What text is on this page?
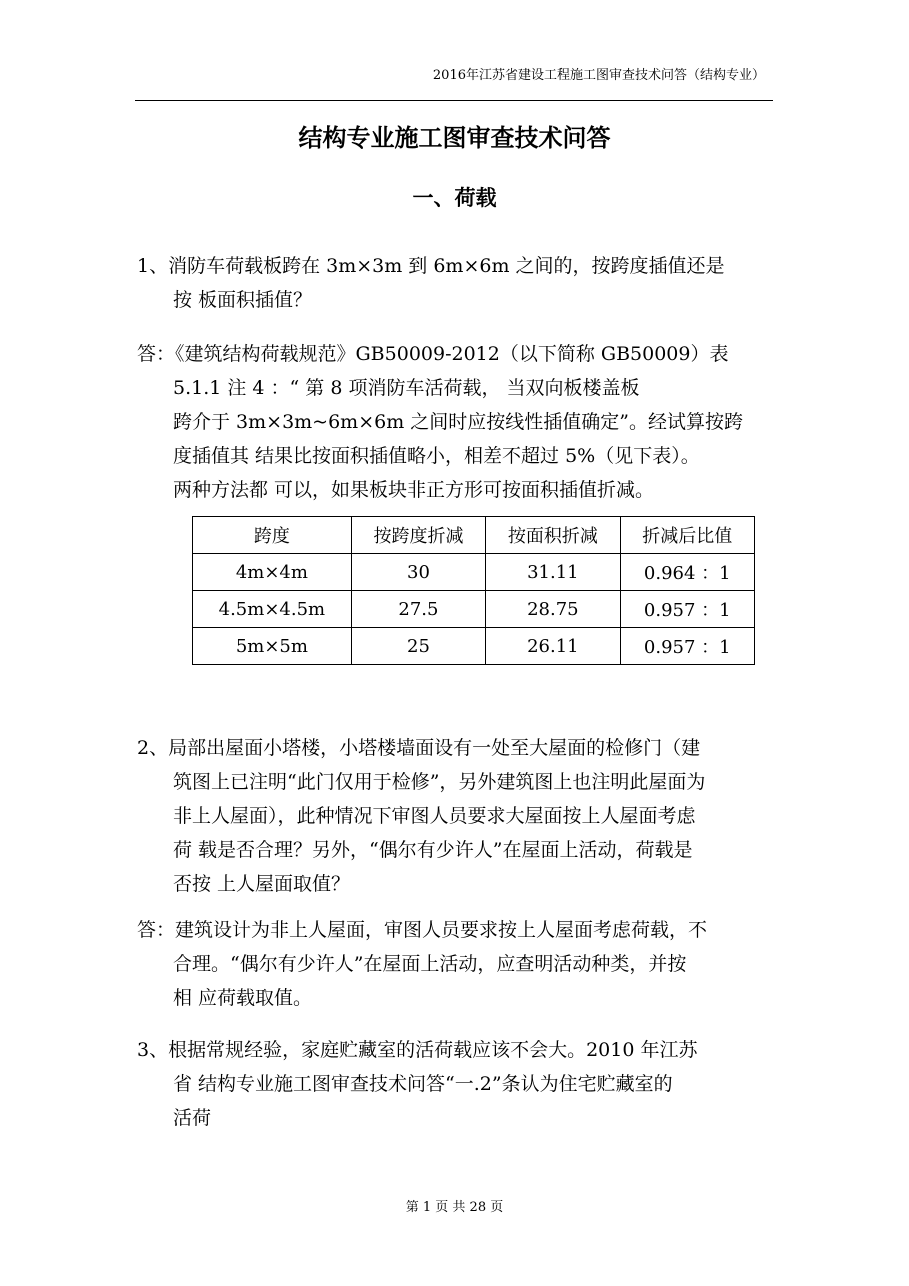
2016年江苏省建设工程施工图审查技术问答（结构专业）
结构专业施工图审查技术问答
一、荷载
1、消防车荷载板跨在 3m×3m 到 6m×6m 之间的，按跨度插值还是
按 板面积插值？
答：《建筑结构荷载规范》GB50009-2012（以下简称 GB50009）表
5.1.1 注 4 ：“ 第 8 项消防车活荷载， 当双向板楼盖板
跨介于 3m×3m~6m×6m 之间时应按线性插值确定”。经试算按跨
度插值其 结果比按面积插值略小，相差不超过 5%（见下表）。
两种方法都 可以，如果板块非正方形可按面积插值折减。
跨度	按跨度折减	按面积折减	折减后比值
4m×4m	30	31.11	0.964 ：1
4.5m×4.5m	27.5	28.75	0.957 ：1
5m×5m	25	26.11	0.957 ：1
2、局部出屋面小塔楼，小塔楼墙面设有一处至大屋面的检修门（建
筑图上已注明“此门仅用于检修”，另外建筑图上也注明此屋面为
非上人屋面），此种情况下审图人员要求大屋面按上人屋面考虑
荷 载是否合理？另外，“偶尔有少许人”在屋面上活动，荷载是
否按 上人屋面取值？
答：建筑设计为非上人屋面，审图人员要求按上人屋面考虑荷载，不
合理。“偶尔有少许人”在屋面上活动，应查明活动种类，并按
相 应荷载取值。
3、根据常规经验，家庭贮藏室的活荷载应该不会大。2010 年江苏
省 结构专业施工图审查技术问答“一.2”条认为住宅贮藏室的
活荷
第 1 页 共 28 页
